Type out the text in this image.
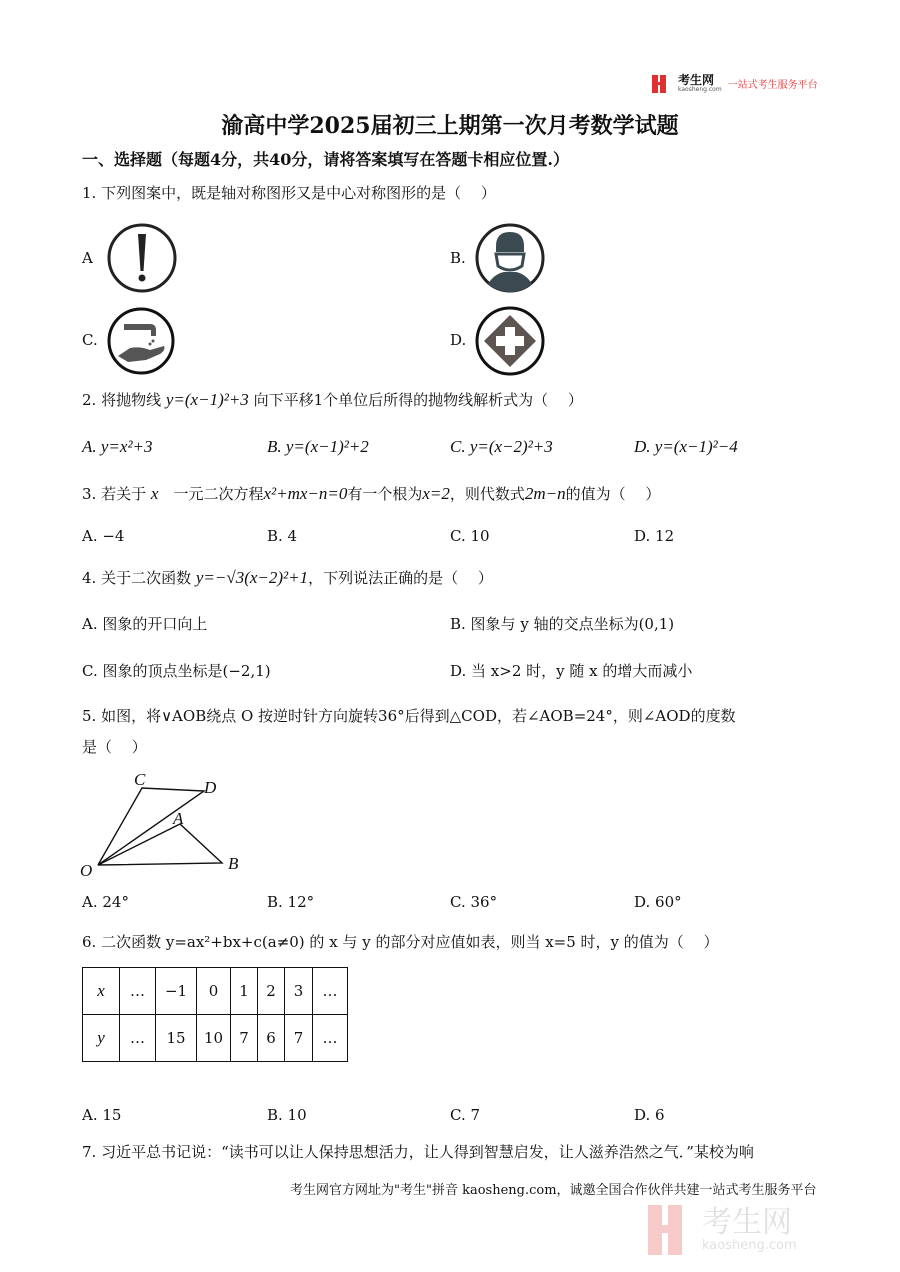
考生网
kaosheng.com 一站式考生服务平台
渝高中学2025届初三上期第一次月考数学试题
一、选择题（每题4分，共40分，请将答案填写在答题卡相应位置.）
1. 下列图案中，既是轴对称图形又是中心对称图形的是（　 ）
A	B.
C.	D.
2. 将抛物线 y=(x−1)²+3 向下平移1个单位后所得的抛物线解析式为（　 ）
A. y=x²+3	B. y=(x−1)²+2	C. y=(x−2)²+3	D. y=(x−1)²−4
3. 若关于 x　 一元二次方程x²+mx−n=0有一个根为x=2，则代数式2m−n的值为（　 ）
A. −4	B. 4	C. 10	D. 12
4. 关于二次函数 y=−√3(x−2)²+1，下列说法正确的是（　 ）
A. 图象的开口向上	B. 图象与 y 轴的交点坐标为(0,1)
C. 图象的顶点坐标是(−2,1)	D. 当 x>2 时，y 随 x 的增大而减小
5. 如图，将∨AOB绕点 O 按逆时针方向旋转36°后得到△COD，若∠AOB=24°，则∠AOD的度数
是（　 ）
C	D
A
O	B
A. 24°	B. 12°	C. 36°	D. 60°
6. 二次函数 y=ax²+bx+c(a≠0) 的 x 与 y 的部分对应值如表，则当 x=5 时，y 的值为（　 ）
x	…	−1	0	1	2	3	…
y	…	15	10	7	6	7	…
A. 15	B. 10	C. 7	D. 6
7. 习近平总书记说：“读书可以让人保持思想活力，让人得到智慧启发，让人滋养浩然之气．”某校为响
考生网官方网址为"考生"拼音 kaosheng.com，诚邀全国合作伙伴共建一站式考生服务平台
考生网
kaosheng.com
